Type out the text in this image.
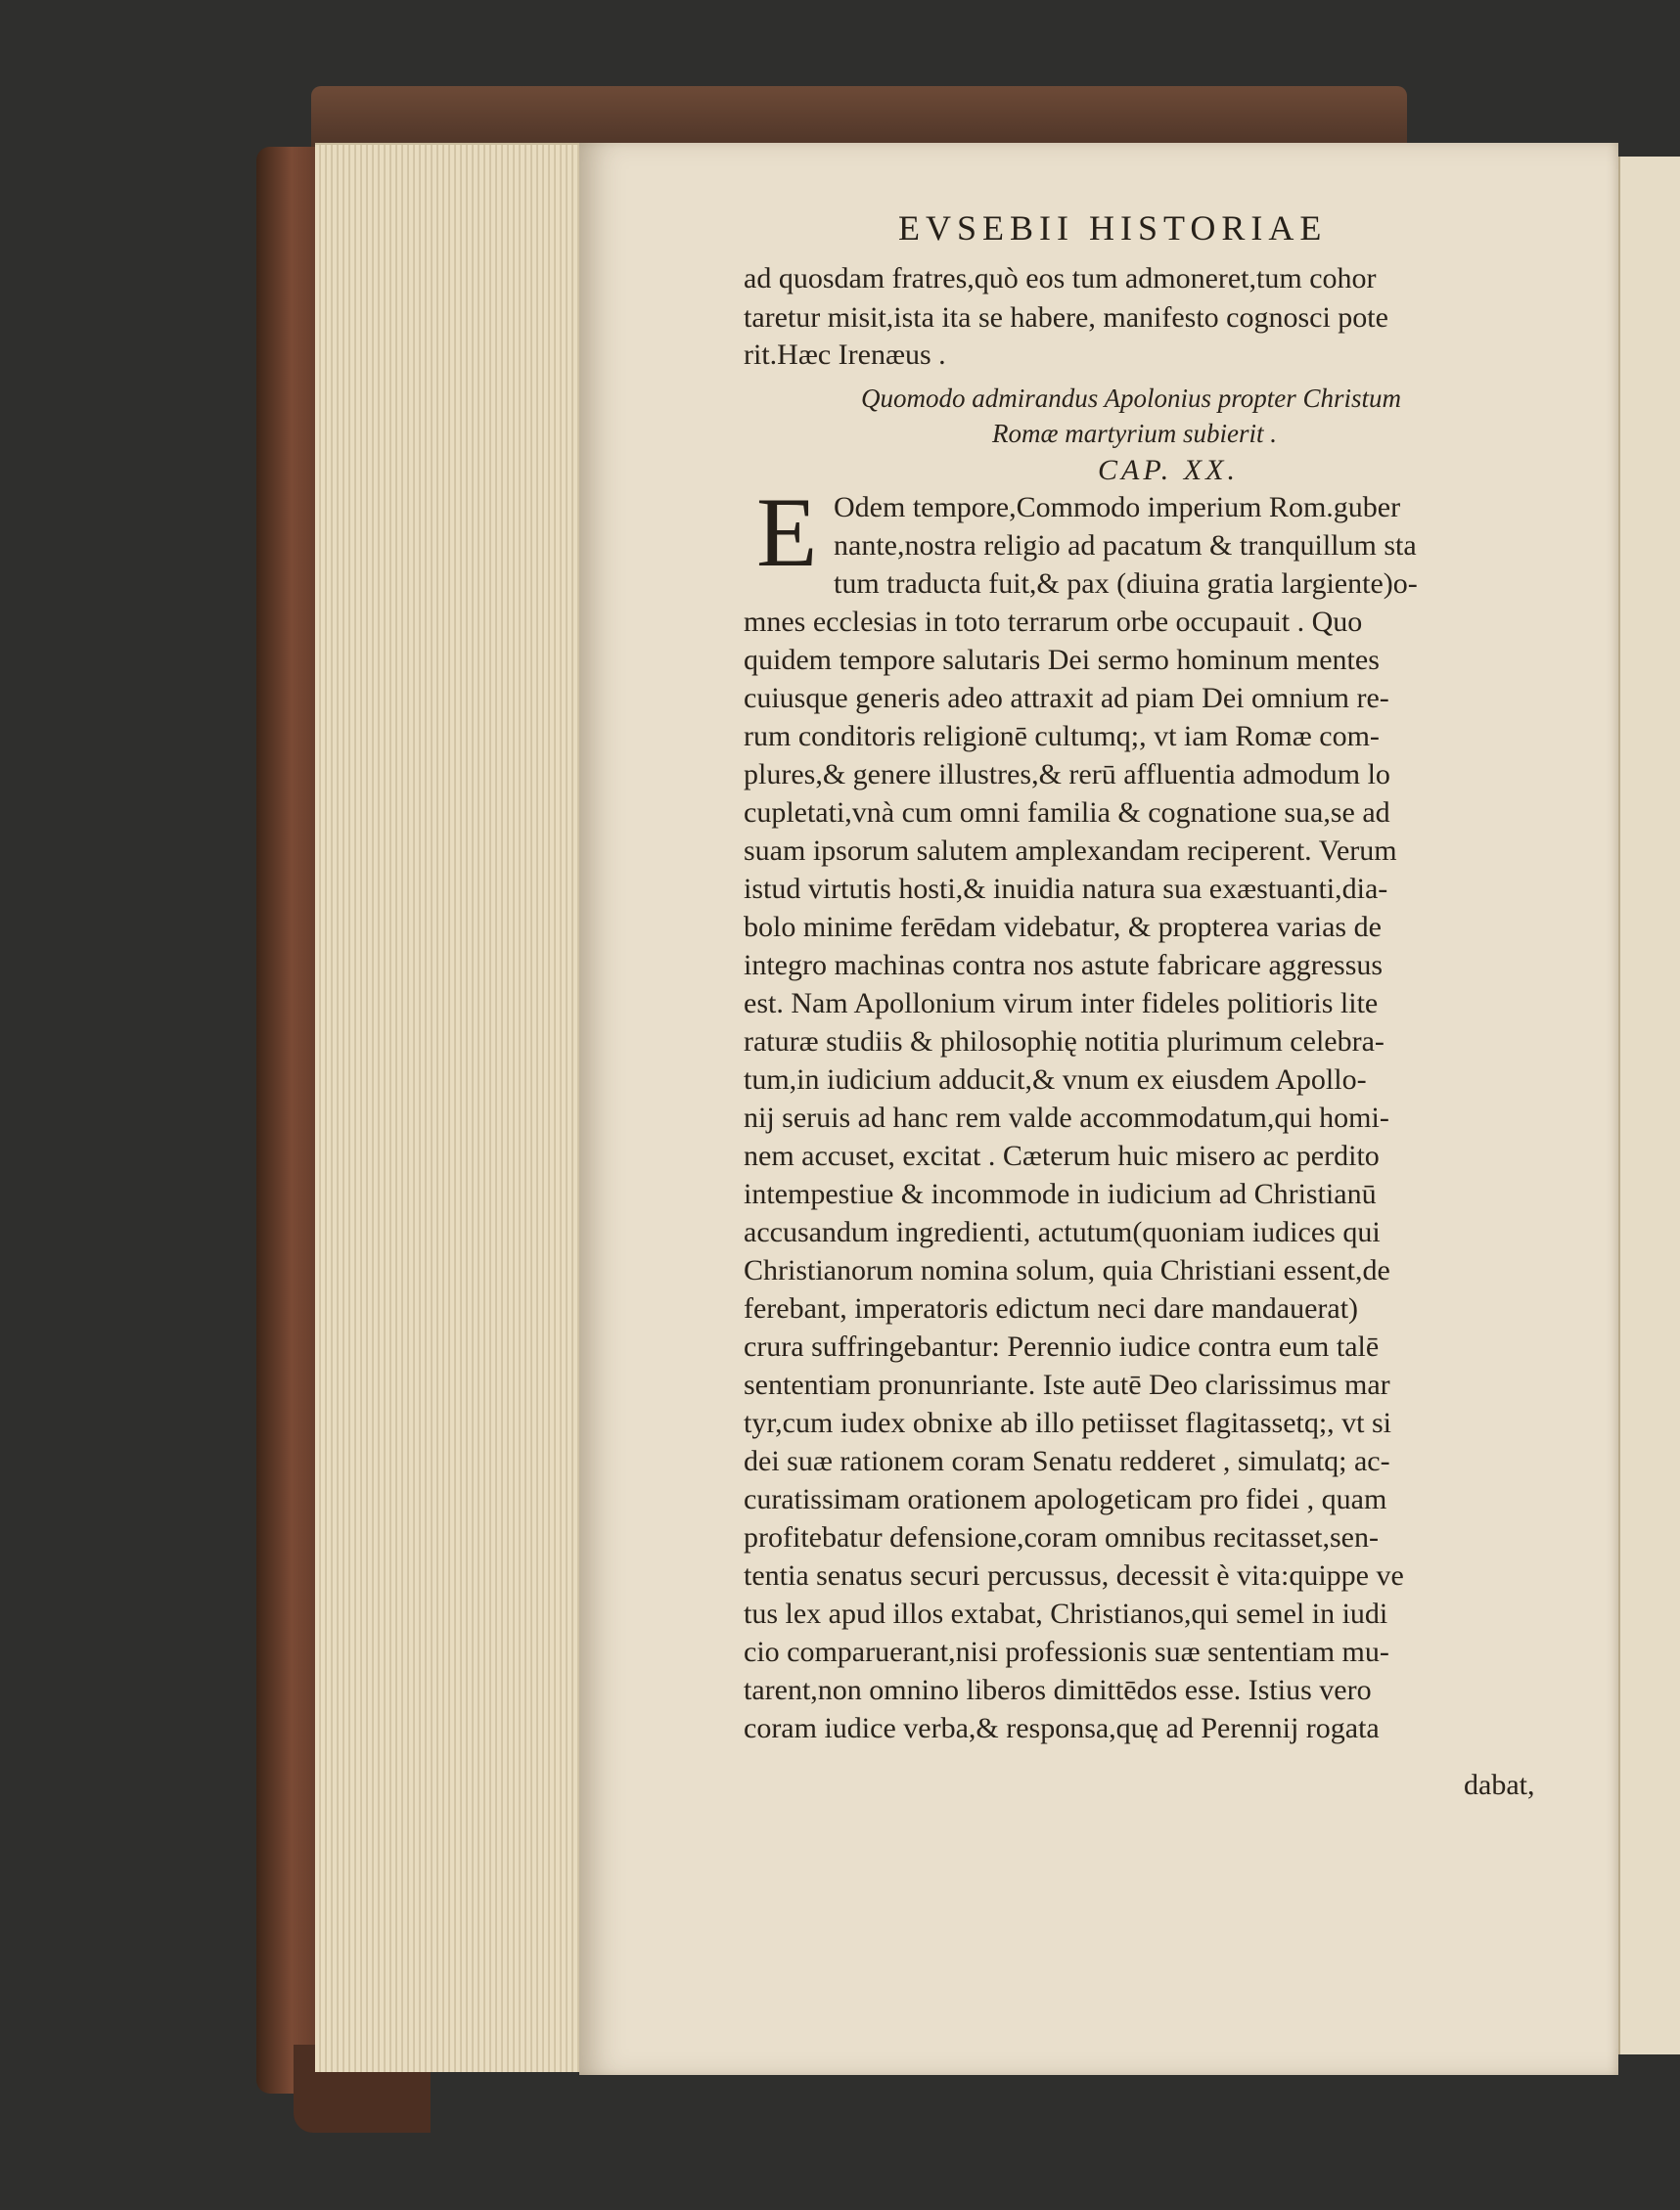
EVSEBII HISTORIAE
ad quosdam fratres,quò eos tum admoneret,tum cohor
taretur misit,ista ita se habere, manifesto cognosci pote
rit.Hæc Irenæus .
Quomodo admirandus Apolonius propter Christum
Romæ martyrium subierit .
CAP. XX.
E Odem tempore,Commodo imperium Rom.guber
nante,nostra religio ad pacatum & tranquillum sta
tum traducta fuit,& pax (diuina gratia largiente)o-
mnes ecclesias in toto terrarum orbe occupauit . Quo
quidem tempore salutaris Dei sermo hominum mentes
cuiusque generis adeo attraxit ad piam Dei omnium re-
rum conditoris religionē cultumq;, vt iam Romæ com-
plures,& genere illustres,& rerū affluentia admodum lo
cupletati,vnà cum omni familia & cognatione sua,se ad
suam ipsorum salutem amplexandam reciperent. Verum
istud virtutis hosti,& inuidia natura sua exæstuanti,dia-
bolo minime ferēdam videbatur, & propterea varias de
integro machinas contra nos astute fabricare aggressus
est. Nam Apollonium virum inter fideles politioris lite
raturæ studiis & philosophię notitia plurimum celebra-
tum,in iudicium adducit,& vnum ex eiusdem Apollo-
nij seruis ad hanc rem valde accommodatum,qui homi-
nem accuset, excitat . Cæterum huic misero ac perdito
intempestiue & incommode in iudicium ad Christianū
accusandum ingredienti, actutum(quoniam iudices qui
Christianorum nomina solum, quia Christiani essent,de
ferebant, imperatoris edictum neci dare mandauerat)
crura suffringebantur: Perennio iudice contra eum talē
sententiam pronunriante. Iste autē Deo clarissimus mar
tyr,cum iudex obnixe ab illo petiisset flagitassetq;, vt si
dei suæ rationem coram Senatu redderet , simulatq; ac-
curatissimam orationem apologeticam pro fidei , quam
profitebatur defensione,coram omnibus recitasset,sen-
tentia senatus securi percussus, decessit è vita:quippe ve
tus lex apud illos extabat, Christianos,qui semel in iudi
cio comparuerant,nisi professionis suæ sententiam mu-
tarent,non omnino liberos dimittēdos esse. Istius vero
coram iudice verba,& responsa,quę ad Perennij rogata
dabat,
